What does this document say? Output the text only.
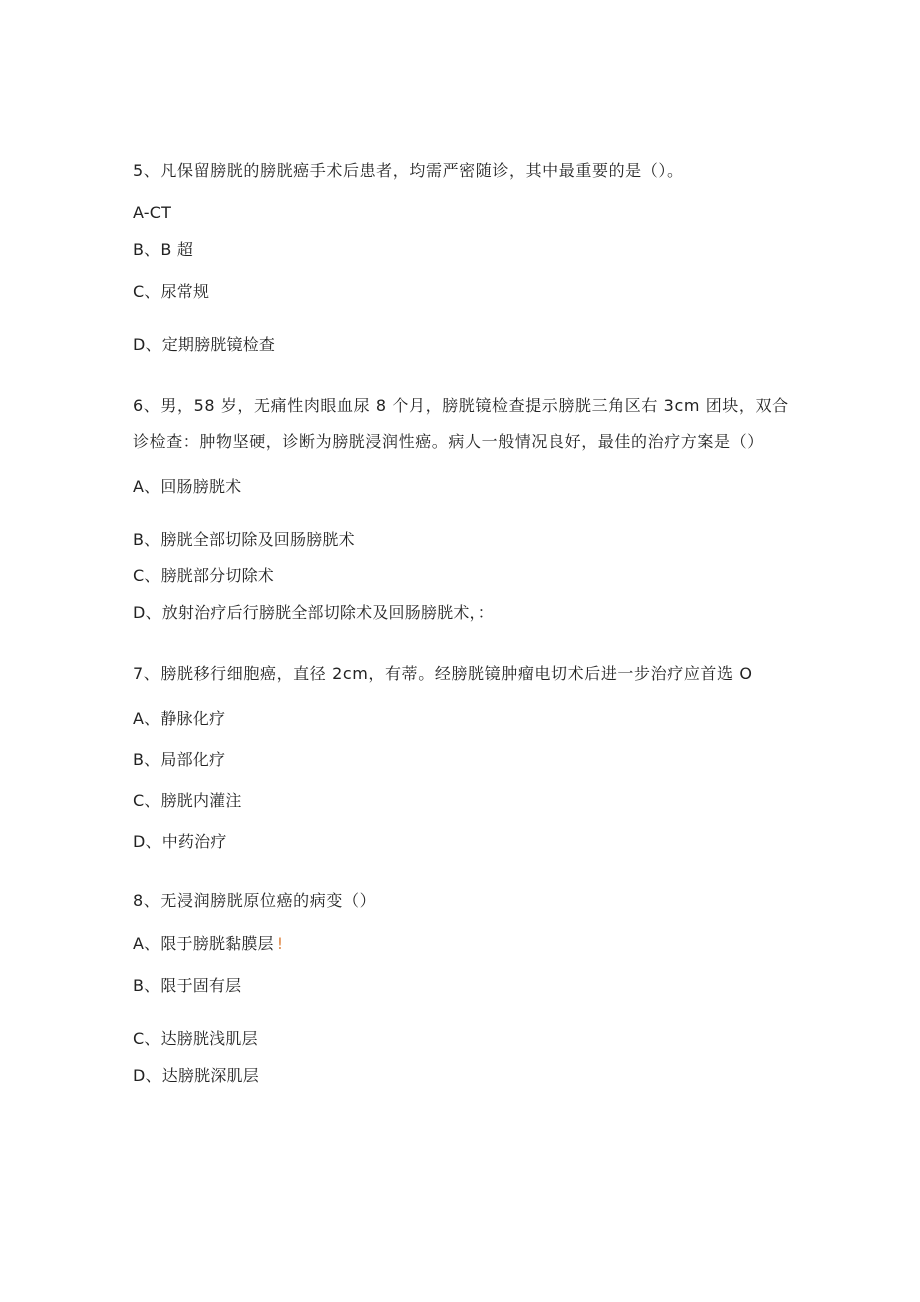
5、凡保留膀胱的膀胱癌手术后患者，均需严密随诊，其中最重要的是（）。
A-CT
B、B 超
C、尿常规
D、定期膀胱镜检查
6、男，58 岁，无痛性肉眼血尿 8 个月，膀胱镜检查提示膀胱三角区右 3cm 团块，双合
诊检查：肿物坚硬，诊断为膀胱浸润性癌。病人一般情况良好，最佳的治疗方案是（）
A、回肠膀胱术
B、膀胱全部切除及回肠膀胱术
C、膀胱部分切除术
D、放射治疗后行膀胱全部切除术及回肠膀胱术，：
7、膀胱移行细胞癌，直径 2cm，有蒂。经膀胱镜肿瘤电切术后进一步治疗应首选 O
A、静脉化疗
B、局部化疗
C、膀胱内灌注
D、中药治疗
8、无浸润膀胱原位癌的病变（）
A、限于膀胱黏膜层 !
B、限于固有层
C、达膀胱浅肌层
D、达膀胱深肌层
